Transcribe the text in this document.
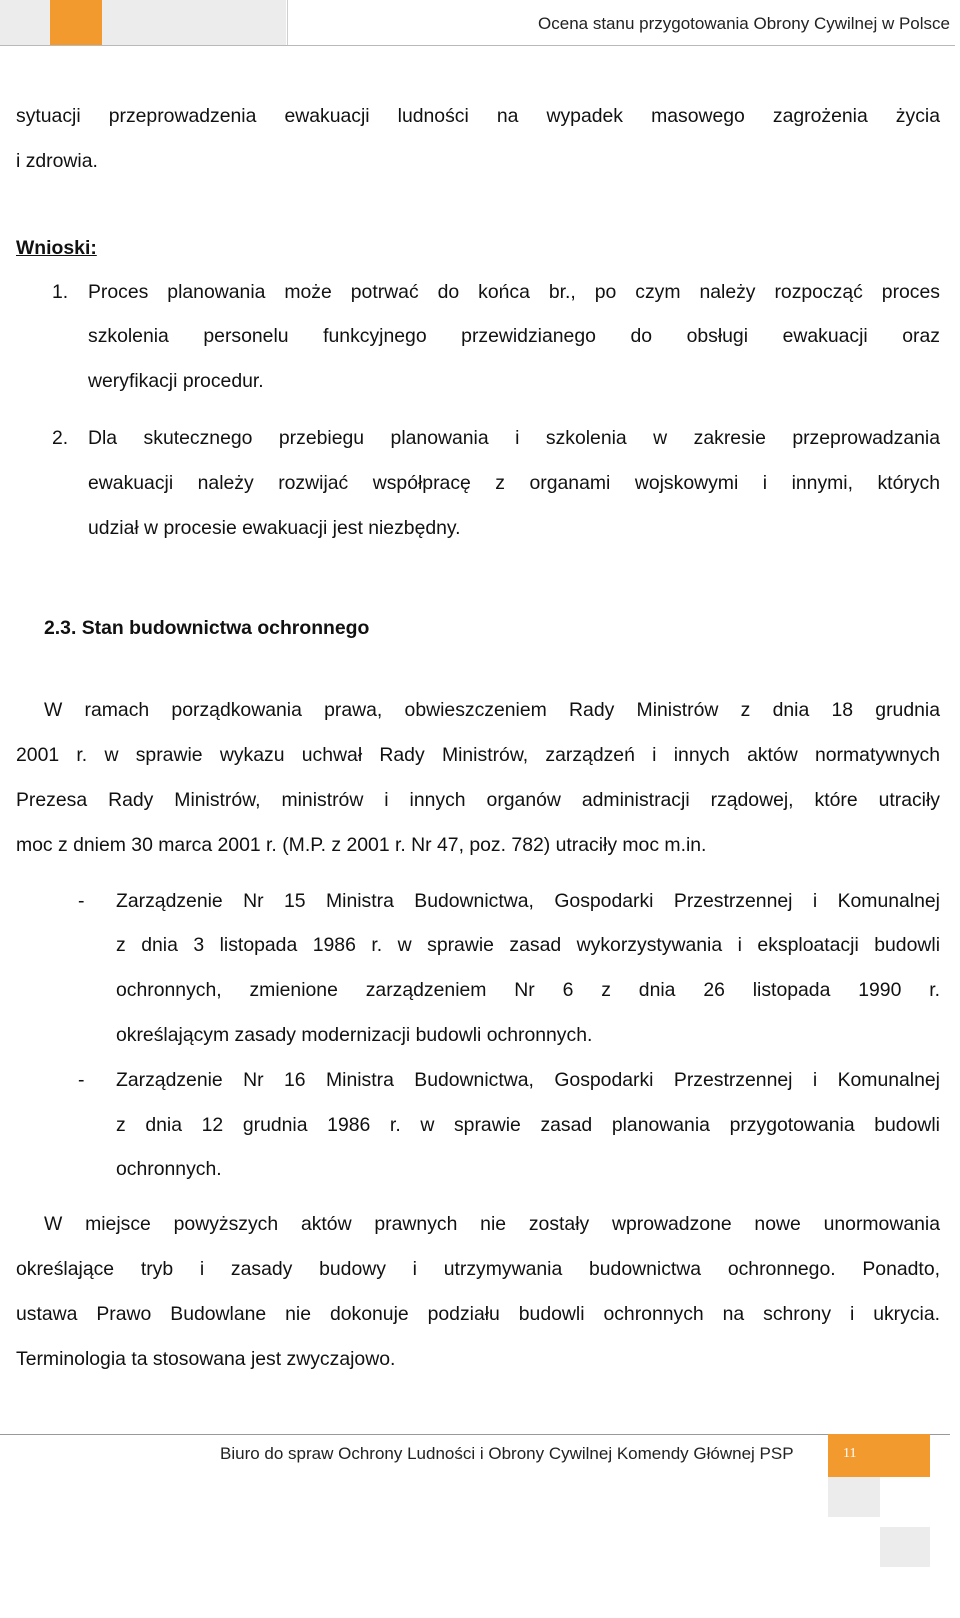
Ocena stanu przygotowania Obrony Cywilnej w Polsce
sytuacji przeprowadzenia ewakuacji ludności na wypadek masowego zagrożenia życia
i zdrowia.
Wnioski:
1. Proces planowania może potrwać do końca br., po czym należy rozpocząć proces
szkolenia personelu funkcyjnego przewidzianego do obsługi ewakuacji oraz
weryfikacji procedur.
2. Dla skutecznego przebiegu planowania i szkolenia w zakresie przeprowadzania
ewakuacji należy rozwijać współpracę z organami wojskowymi i innymi, których
udział w procesie ewakuacji jest niezbędny.
2.3. Stan budownictwa ochronnego
W ramach porządkowania prawa, obwieszczeniem Rady Ministrów z dnia 18 grudnia
2001 r. w sprawie wykazu uchwał Rady Ministrów, zarządzeń i innych aktów normatywnych
Prezesa Rady Ministrów, ministrów i innych organów administracji rządowej, które utraciły
moc z dniem 30 marca 2001 r. (M.P. z 2001 r. Nr 47, poz. 782) utraciły moc m.in.
- Zarządzenie Nr 15 Ministra Budownictwa, Gospodarki Przestrzennej i Komunalnej
z dnia 3 listopada 1986 r. w sprawie zasad wykorzystywania i eksploatacji budowli
ochronnych, zmienione zarządzeniem Nr 6 z dnia 26 listopada 1990 r.
określającym zasady modernizacji budowli ochronnych.
- Zarządzenie Nr 16 Ministra Budownictwa, Gospodarki Przestrzennej i Komunalnej
z dnia 12 grudnia 1986 r. w sprawie zasad planowania przygotowania budowli
ochronnych.
W miejsce powyższych aktów prawnych nie zostały wprowadzone nowe unormowania
określające tryb i zasady budowy i utrzymywania budownictwa ochronnego. Ponadto,
ustawa Prawo Budowlane nie dokonuje podziału budowli ochronnych na schrony i ukrycia.
Terminologia ta stosowana jest zwyczajowo.
Biuro do spraw Ochrony Ludności i Obrony Cywilnej Komendy Głównej PSP	11
